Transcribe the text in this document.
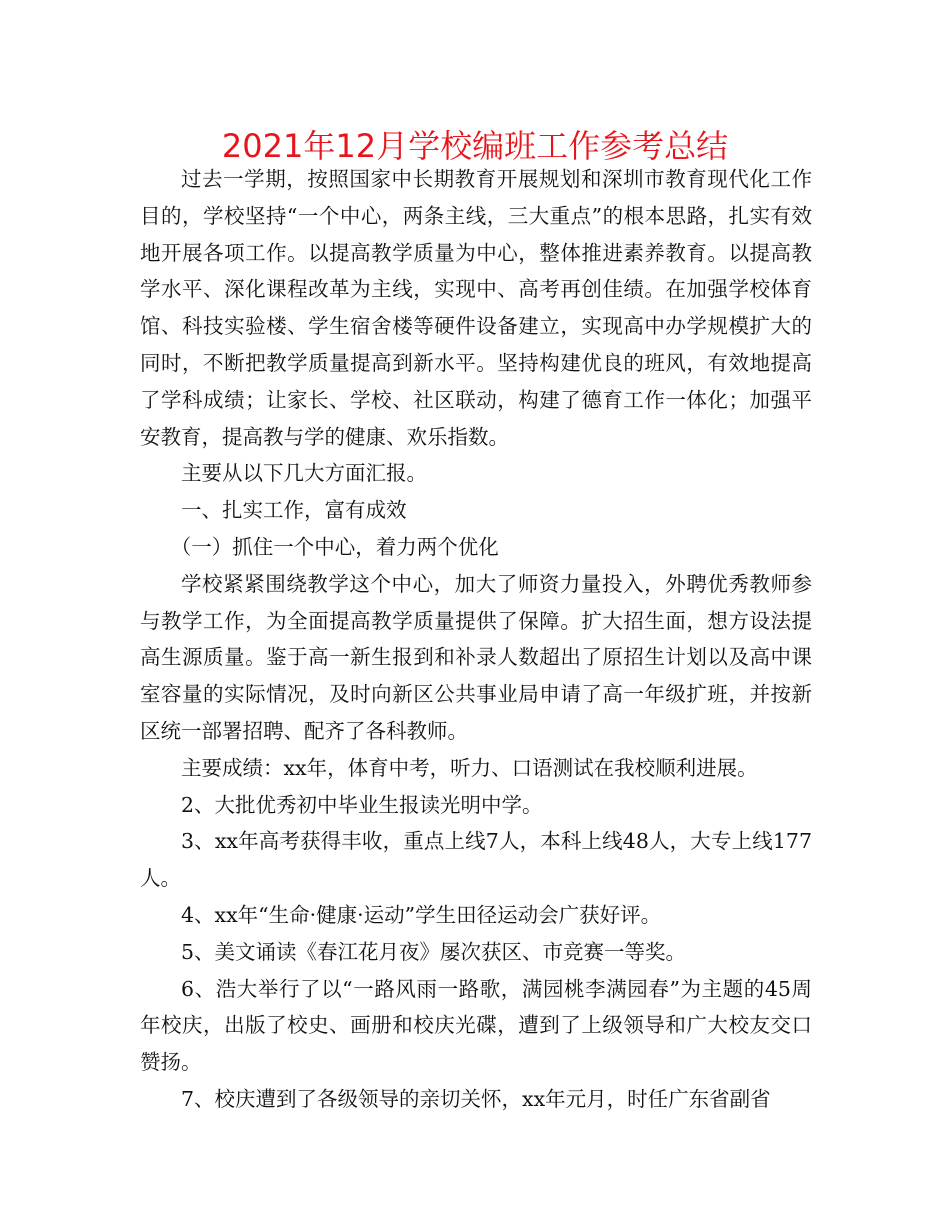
2021年12月学校编班工作参考总结

过去一学期，按照国家中长期教育开展规划和深圳市教育现代化工作目的，学校坚持“一个中心，两条主线，三大重点”的根本思路，扎实有效地开展各项工作。以提高教学质量为中心，整体推进素养教育。以提高教学水平、深化课程改革为主线，实现中、高考再创佳绩。在加强学校体育馆、科技实验楼、学生宿舍楼等硬件设备建立，实现高中办学规模扩大的同时，不断把教学质量提高到新水平。坚持构建优良的班风，有效地提高了学科成绩；让家长、学校、社区联动，构建了德育工作一体化；加强平安教育，提高教与学的健康、欢乐指数。

主要从以下几大方面汇报。

一、扎实工作，富有成效

（一）抓住一个中心，着力两个优化

学校紧紧围绕教学这个中心，加大了师资力量投入，外聘优秀教师参与教学工作，为全面提高教学质量提供了保障。扩大招生面，想方设法提高生源质量。鉴于高一新生报到和补录人数超出了原招生计划以及高中课室容量的实际情况，及时向新区公共事业局申请了高一年级扩班，并按新区统一部署招聘、配齐了各科教师。

主要成绩：xx年，体育中考，听力、口语测试在我校顺利进展。

2、大批优秀初中毕业生报读光明中学。

3、xx年高考获得丰收，重点上线7人，本科上线48人，大专上线177人。

4、xx年“生命·健康·运动”学生田径运动会广获好评。

5、美文诵读《春江花月夜》屡次获区、市竞赛一等奖。

6、浩大举行了以“一路风雨一路歌，满园桃李满园春”为主题的45周年校庆，出版了校史、画册和校庆光碟，遭到了上级领导和广大校友交口赞扬。

7、校庆遭到了各级领导的亲切关怀，xx年元月，时任广东省副省
